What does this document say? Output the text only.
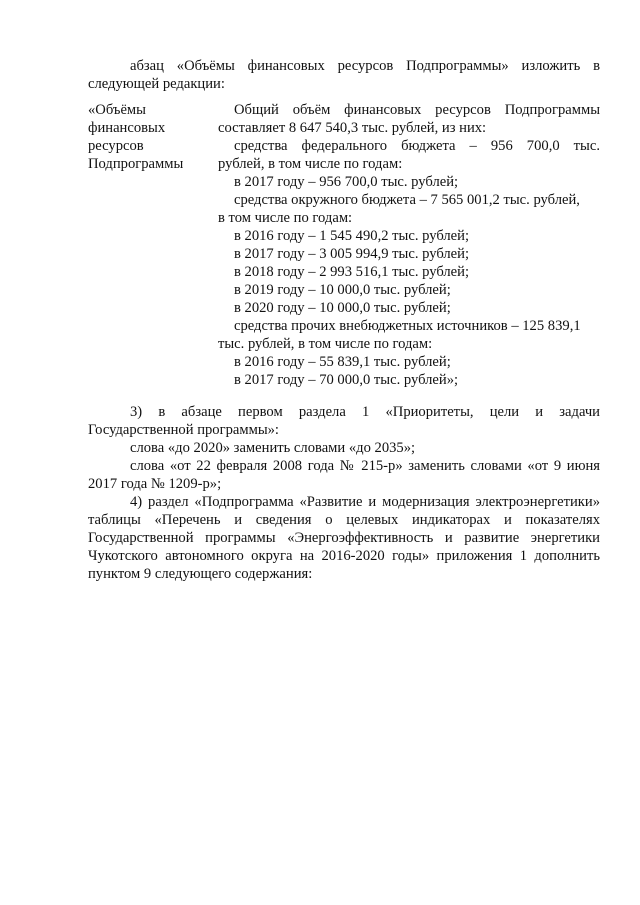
абзац «Объёмы финансовых ресурсов Подпрограммы» изложить в
следующей редакции:
«Объёмы
финансовых
ресурсов
Подпрограммы
Общий объём финансовых ресурсов Подпрограммы
составляет 8 647 540,3 тыс. рублей, из них:
средства федерального бюджета – 956 700,0 тыс.
рублей, в том числе по годам:
в 2017 году – 956 700,0 тыс. рублей;
средства окружного бюджета – 7 565 001,2 тыс. рублей,
в том числе по годам:
в 2016 году – 1 545 490,2 тыс. рублей;
в 2017 году – 3 005 994,9 тыс. рублей;
в 2018 году – 2 993 516,1 тыс. рублей;
в 2019 году – 10 000,0 тыс. рублей;
в 2020 году – 10 000,0 тыс. рублей;
средства прочих внебюджетных источников – 125 839,1
тыс. рублей, в том числе по годам:
в 2016 году – 55 839,1 тыс. рублей;
в 2017 году – 70 000,0 тыс. рублей»;
3) в абзаце первом раздела 1 «Приоритеты, цели и задачи
Государственной программы»:
слова «до 2020» заменить словами «до 2035»;
слова «от 22 февраля 2008 года № 215-р» заменить словами «от 9 июня
2017 года № 1209-р»;
4) раздел «Подпрограмма «Развитие и модернизация электроэнергетики»
таблицы «Перечень и сведения о целевых индикаторах и показателях
Государственной программы «Энергоэффективность и развитие энергетики
Чукотского автономного округа на 2016-2020 годы» приложения 1 дополнить
пунктом 9 следующего содержания:
